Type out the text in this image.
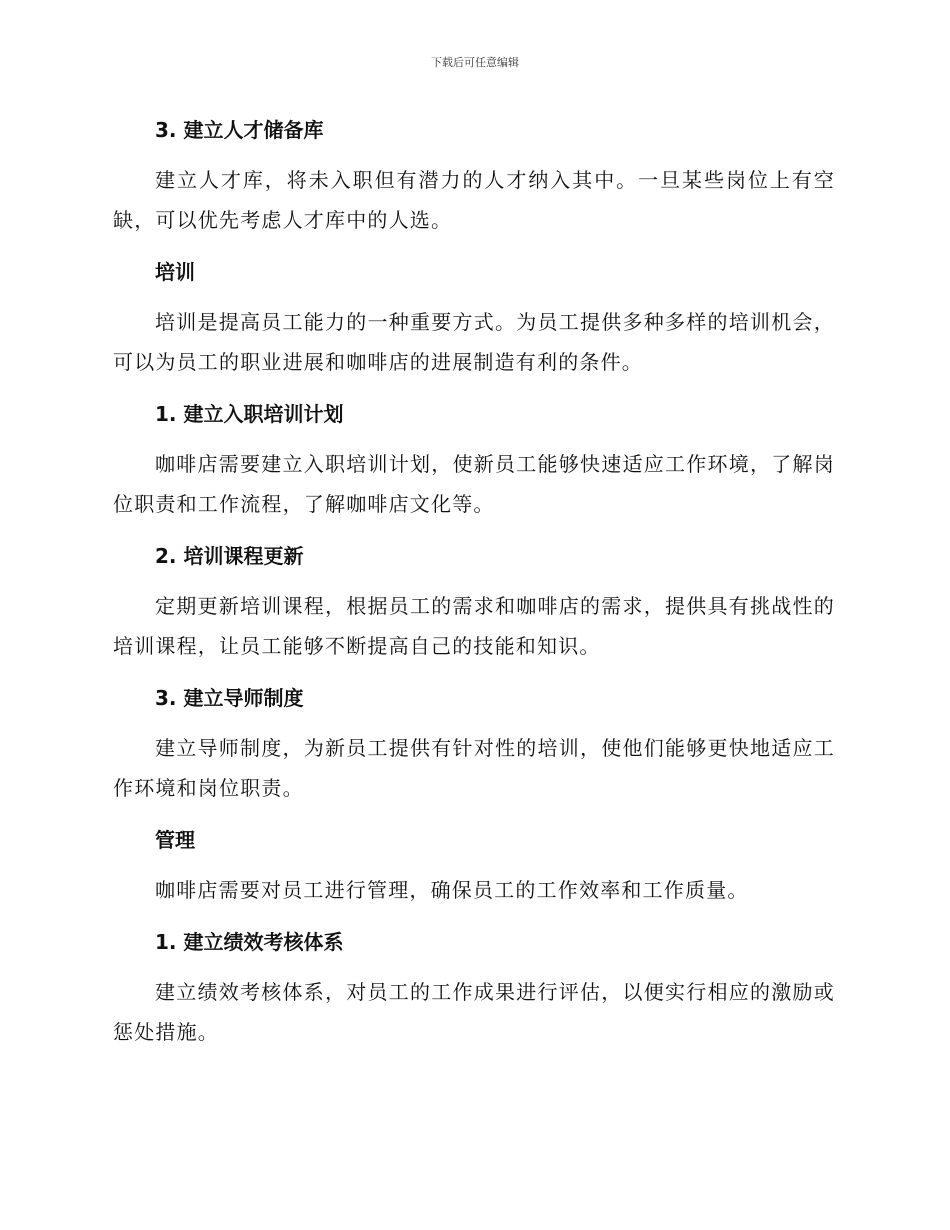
下载后可任意编辑
3. 建立人才储备库

建立人才库，将未入职但有潜力的人才纳入其中。一旦某些岗位上有空缺，可以优先考虑人才库中的人选。

培训

培训是提高员工能力的一种重要方式。为员工提供多种多样的培训机会，可以为员工的职业进展和咖啡店的进展制造有利的条件。

1. 建立入职培训计划

咖啡店需要建立入职培训计划，使新员工能够快速适应工作环境，了解岗位职责和工作流程，了解咖啡店文化等。

2. 培训课程更新

定期更新培训课程，根据员工的需求和咖啡店的需求，提供具有挑战性的培训课程，让员工能够不断提高自己的技能和知识。

3. 建立导师制度

建立导师制度，为新员工提供有针对性的培训，使他们能够更快地适应工作环境和岗位职责。

管理

咖啡店需要对员工进行管理，确保员工的工作效率和工作质量。

1. 建立绩效考核体系

建立绩效考核体系，对员工的工作成果进行评估，以便实行相应的激励或惩处措施。
